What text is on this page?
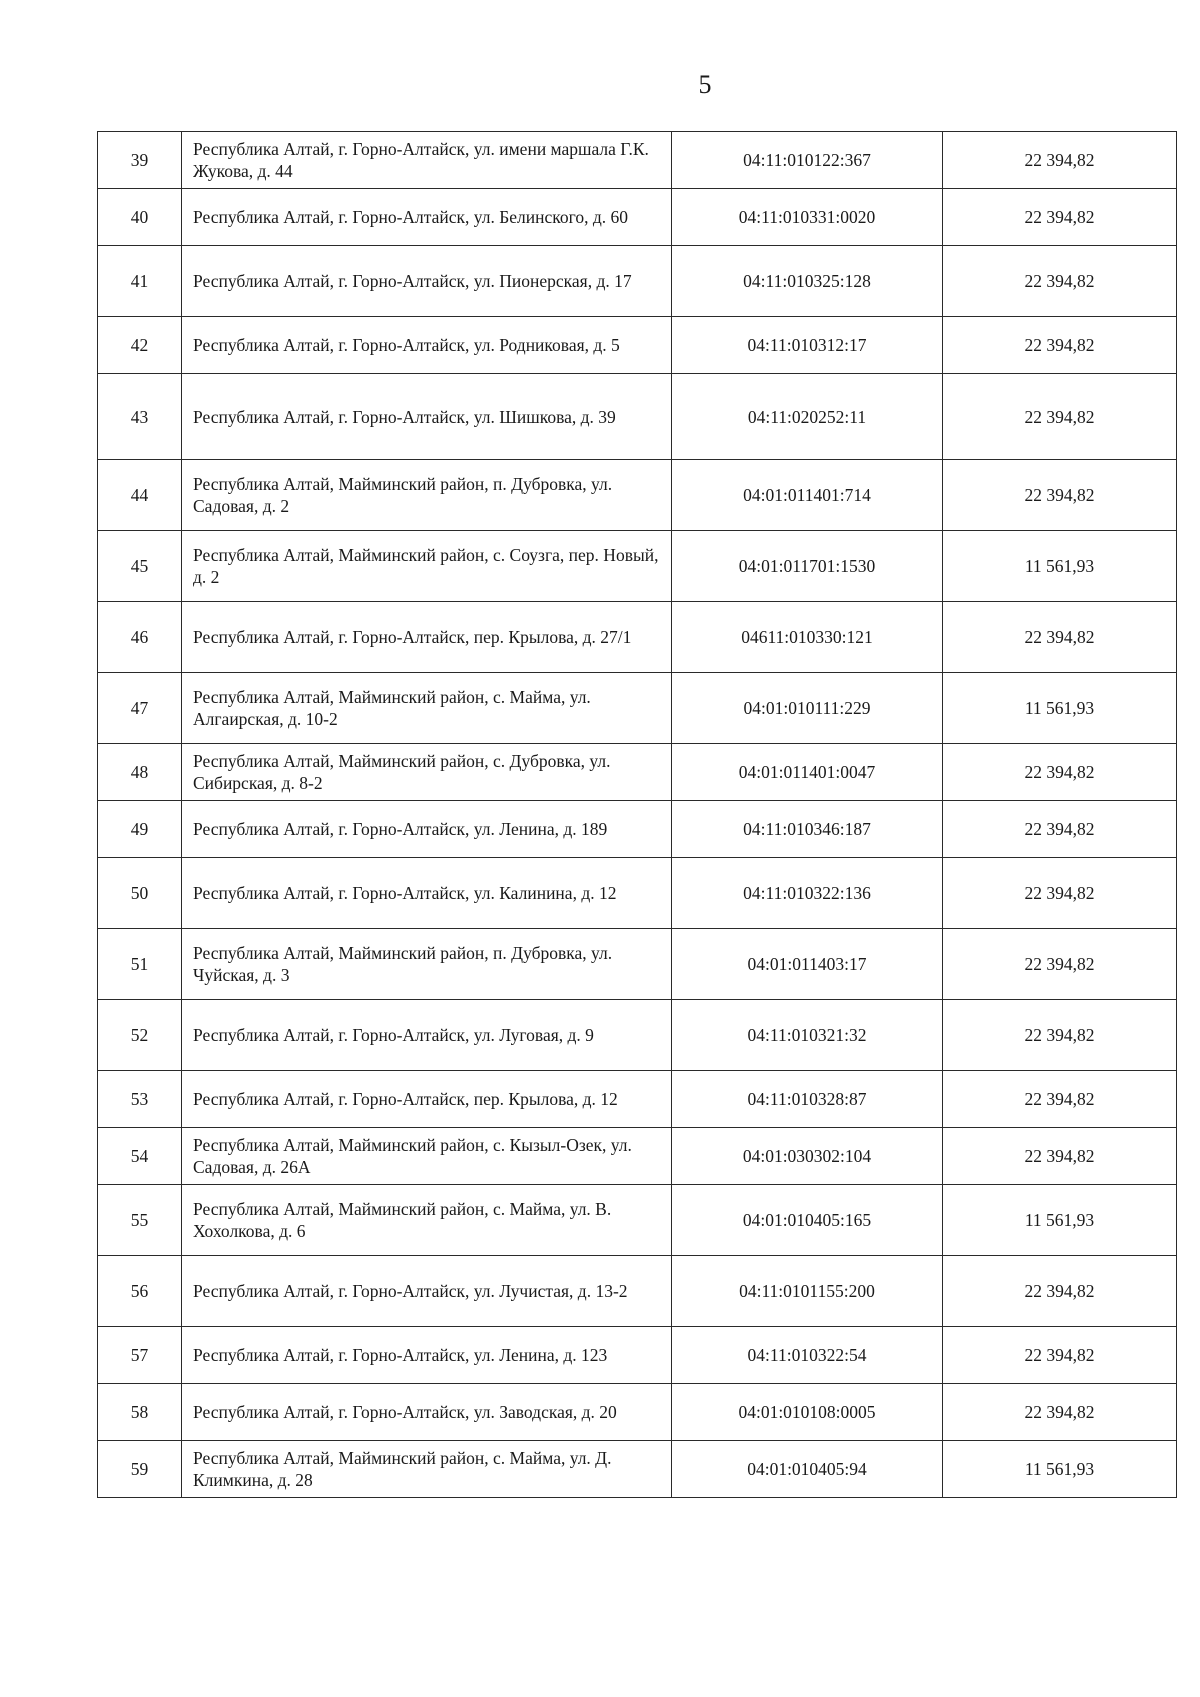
5
39	Республика Алтай, г. Горно-Алтайск, ул. имени маршала Г.К. Жукова, д. 44	04:11:010122:367	22 394,82
40	Республика Алтай, г. Горно-Алтайск, ул. Белинского, д. 60	04:11:010331:0020	22 394,82
41	Республика Алтай, г. Горно-Алтайск, ул. Пионерская, д. 17	04:11:010325:128	22 394,82
42	Республика Алтай, г. Горно-Алтайск, ул. Родниковая, д. 5	04:11:010312:17	22 394,82
43	Республика Алтай, г. Горно-Алтайск, ул. Шишкова, д. 39	04:11:020252:11	22 394,82
44	Республика Алтай, Майминский район, п. Дубровка, ул. Садовая, д. 2	04:01:011401:714	22 394,82
45	Республика Алтай, Майминский район, с. Соузга, пер. Новый, д. 2	04:01:011701:1530	11 561,93
46	Республика Алтай, г. Горно-Алтайск, пер. Крылова, д. 27/1	04611:010330:121	22 394,82
47	Республика Алтай, Майминский район, с. Майма, ул. Алгаирская, д. 10-2	04:01:010111:229	11 561,93
48	Республика Алтай, Майминский район, с. Дубровка, ул. Сибирская, д. 8-2	04:01:011401:0047	22 394,82
49	Республика Алтай, г. Горно-Алтайск, ул. Ленина, д. 189	04:11:010346:187	22 394,82
50	Республика Алтай, г. Горно-Алтайск, ул. Калинина, д. 12	04:11:010322:136	22 394,82
51	Республика Алтай, Майминский район, п. Дубровка, ул. Чуйская, д. 3	04:01:011403:17	22 394,82
52	Республика Алтай, г. Горно-Алтайск, ул. Луговая, д. 9	04:11:010321:32	22 394,82
53	Республика Алтай, г. Горно-Алтайск, пер. Крылова, д. 12	04:11:010328:87	22 394,82
54	Республика Алтай, Майминский район, с. Кызыл-Озек, ул. Садовая, д. 26А	04:01:030302:104	22 394,82
55	Республика Алтай, Майминский район, с. Майма, ул. В. Хохолкова, д. 6	04:01:010405:165	11 561,93
56	Республика Алтай, г. Горно-Алтайск, ул. Лучистая, д. 13-2	04:11:0101155:200	22 394,82
57	Республика Алтай, г. Горно-Алтайск, ул. Ленина, д. 123	04:11:010322:54	22 394,82
58	Республика Алтай, г. Горно-Алтайск, ул. Заводская, д. 20	04:01:010108:0005	22 394,82
59	Республика Алтай, Майминский район, с. Майма, ул. Д. Климкина, д. 28	04:01:010405:94	11 561,93
